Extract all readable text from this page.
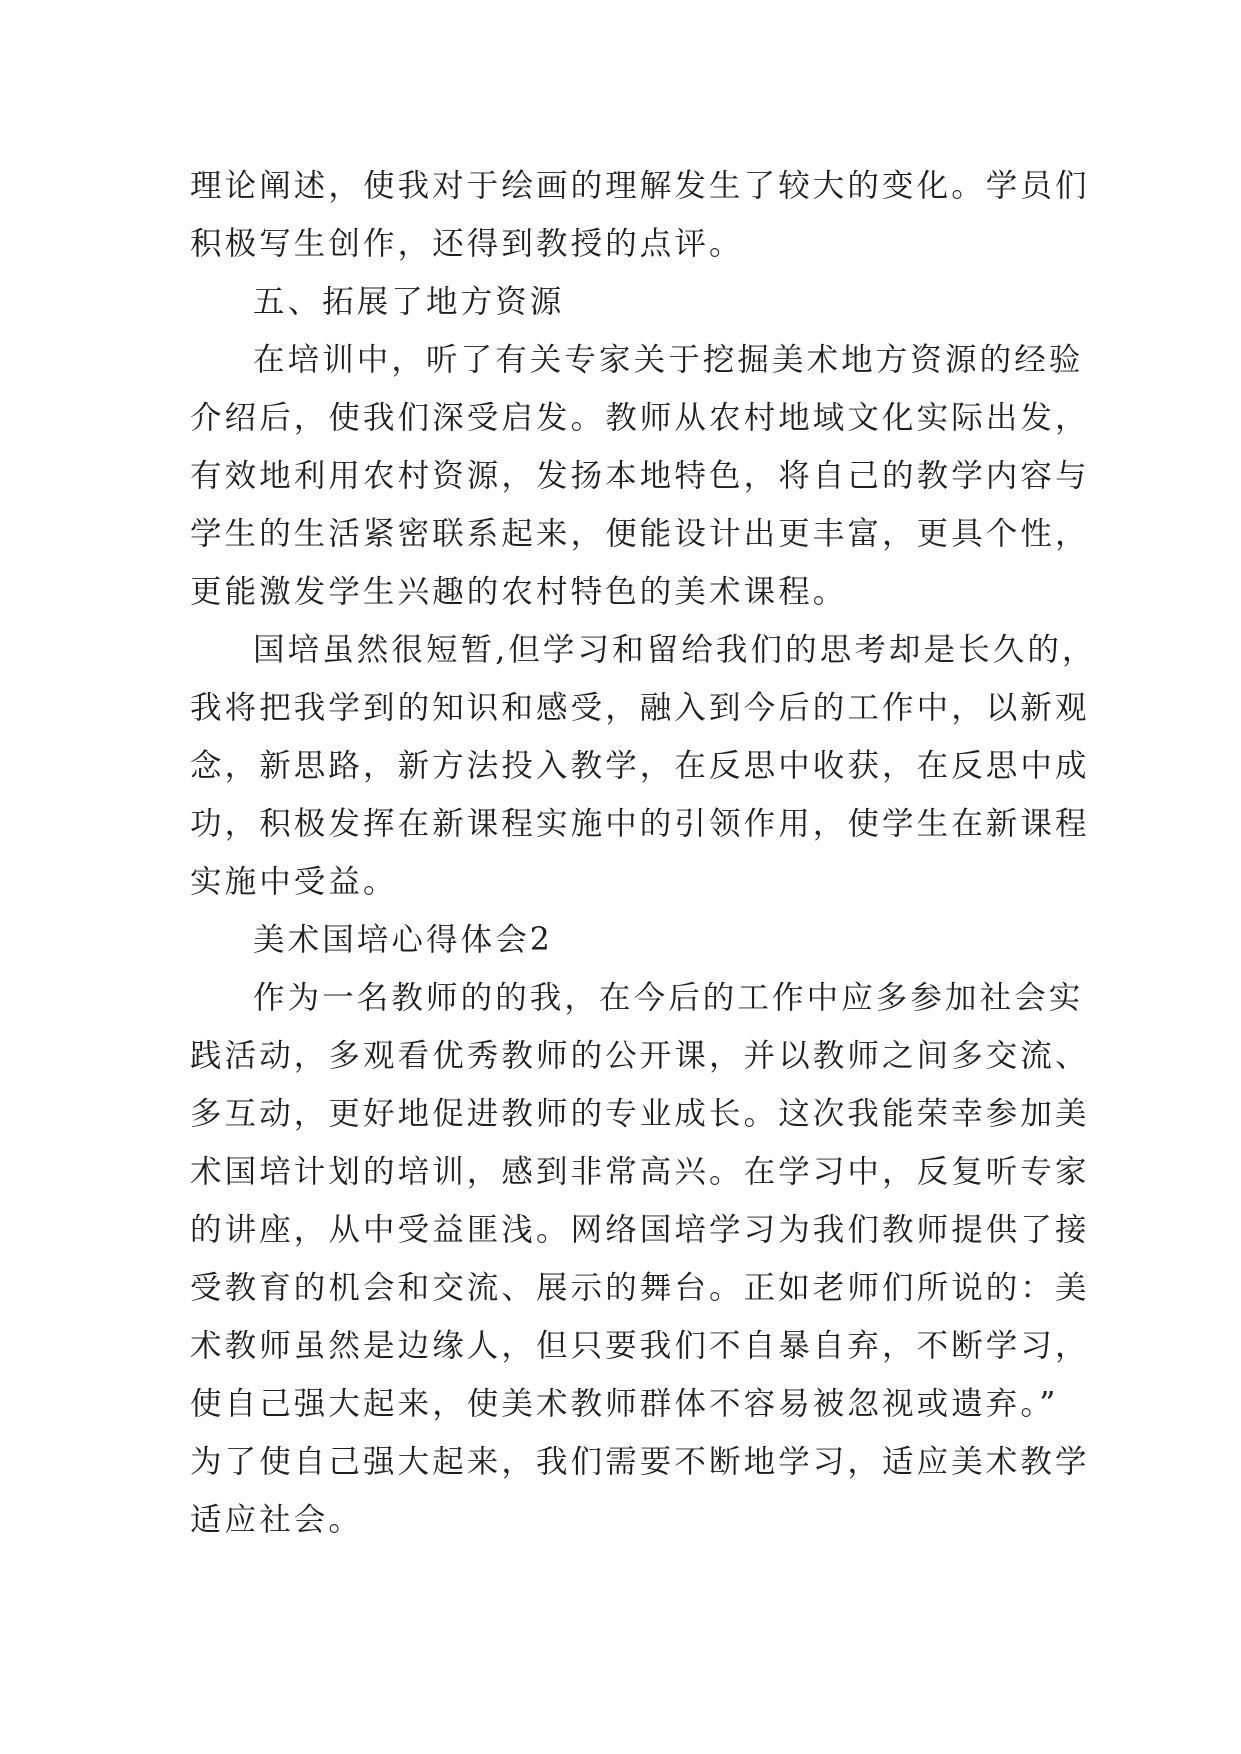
理论阐述，使我对于绘画的理解发生了较大的变化。学员们
积极写生创作，还得到教授的点评。
五、拓展了地方资源
在培训中，听了有关专家关于挖掘美术地方资源的经验
介绍后，使我们深受启发。教师从农村地域文化实际出发，
有效地利用农村资源，发扬本地特色，将自己的教学内容与
学生的生活紧密联系起来，便能设计出更丰富，更具个性，
更能激发学生兴趣的农村特色的美术课程。
国培虽然很短暂,但学习和留给我们的思考却是长久的，
我将把我学到的知识和感受，融入到今后的工作中，以新观
念，新思路，新方法投入教学，在反思中收获，在反思中成
功，积极发挥在新课程实施中的引领作用，使学生在新课程
实施中受益。
美术国培心得体会2
作为一名教师的的我，在今后的工作中应多参加社会实
践活动，多观看优秀教师的公开课，并以教师之间多交流、
多互动，更好地促进教师的专业成长。这次我能荣幸参加美
术国培计划的培训，感到非常高兴。在学习中，反复听专家
的讲座，从中受益匪浅。网络国培学习为我们教师提供了接
受教育的机会和交流、展示的舞台。正如老师们所说的：美
术教师虽然是边缘人，但只要我们不自暴自弃，不断学习，
使自己强大起来，使美术教师群体不容易被忽视或遗弃。”
为了使自己强大起来，我们需要不断地学习，适应美术教学
适应社会。
